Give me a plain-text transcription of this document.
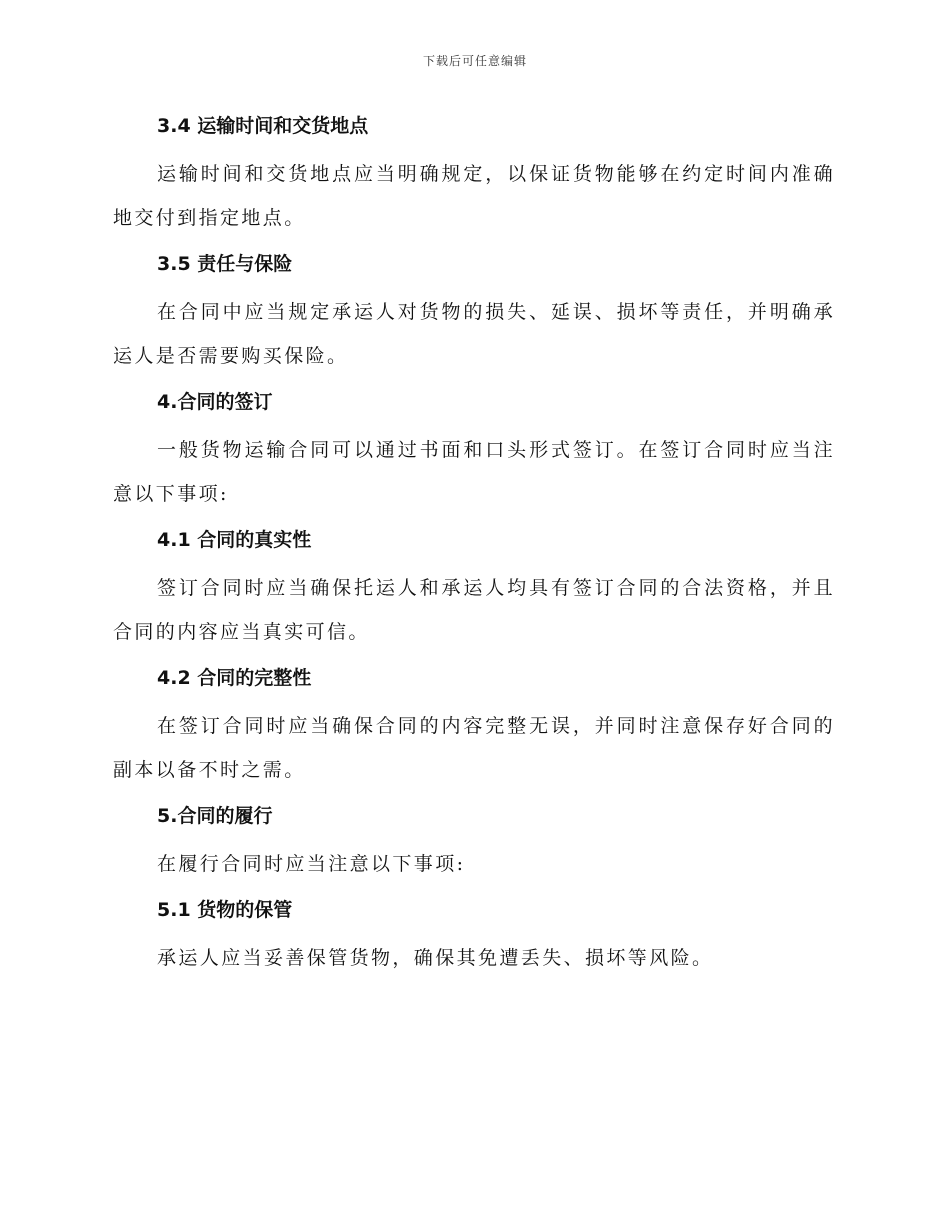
下载后可任意编辑
3.4 运输时间和交货地点

运输时间和交货地点应当明确规定，以保证货物能够在约定时间内准确地交付到指定地点。

3.5 责任与保险

在合同中应当规定承运人对货物的损失、延误、损坏等责任，并明确承运人是否需要购买保险。

4.合同的签订

一般货物运输合同可以通过书面和口头形式签订。在签订合同时应当注意以下事项:

4.1 合同的真实性

签订合同时应当确保托运人和承运人均具有签订合同的合法资格，并且合同的内容应当真实可信。

4.2 合同的完整性

在签订合同时应当确保合同的内容完整无误，并同时注意保存好合同的副本以备不时之需。

5.合同的履行

在履行合同时应当注意以下事项:

5.1 货物的保管

承运人应当妥善保管货物，确保其免遭丢失、损坏等风险。
